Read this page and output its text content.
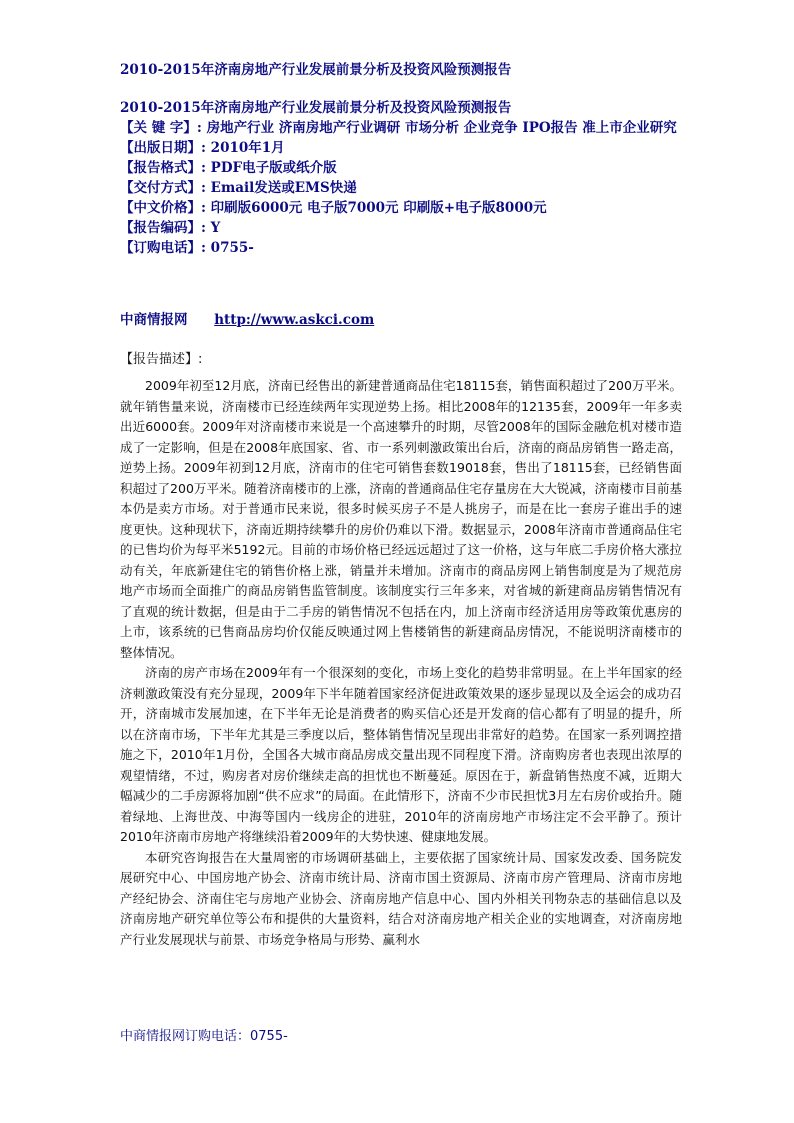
2010-2015年济南房地产行业发展前景分析及投资风险预测报告
2010-2015年济南房地产行业发展前景分析及投资风险预测报告
【关 键 字】: 房地产行业 济南房地产行业调研 市场分析 企业竞争 IPO报告 准上市企业研究
【出版日期】: 2010年1月
【报告格式】: PDF电子版或纸介版
【交付方式】: Email发送或EMS快递
【中文价格】: 印刷版6000元 电子版7000元 印刷版+电子版8000元
【报告编码】: Y
【订购电话】: 0755-
中商情报网 http://www.askci.com
【报告描述】:

2009年初至12月底，济南已经售出的新建普通商品住宅18115套，销售面积超过了200万平米。就年销售量来说，济南楼市已经连续两年实现逆势上扬。相比2008年的12135套，2009年一年多卖出近6000套。2009年对济南楼市来说是一个高速攀升的时期，尽管2008年的国际金融危机对楼市造成了一定影响，但是在2008年底国家、省、市一系列刺激政策出台后，济南的商品房销售一路走高，逆势上扬。2009年初到12月底，济南市的住宅可销售套数19018套，售出了18115套，已经销售面积超过了200万平米。随着济南楼市的上涨，济南的普通商品住宅存量房在大大锐减，济南楼市目前基本仍是卖方市场。对于普通市民来说，很多时候买房子不是人挑房子，而是在比一套房子谁出手的速度更快。这种现状下，济南近期持续攀升的房价仍难以下滑。数据显示，2008年济南市普通商品住宅的已售均价为每平米5192元。目前的市场价格已经远远超过了这一价格，这与年底二手房价格大涨拉动有关，年底新建住宅的销售价格上涨，销量并未增加。济南市的商品房网上销售制度是为了规范房地产市场而全面推广的商品房销售监管制度。该制度实行三年多来，对省城的新建商品房销售情况有了直观的统计数据，但是由于二手房的销售情况不包括在内，加上济南市经济适用房等政策优惠房的上市，该系统的已售商品房均价仅能反映通过网上售楼销售的新建商品房情况，不能说明济南楼市的整体情况。

济南的房产市场在2009年有一个很深刻的变化，市场上变化的趋势非常明显。在上半年国家的经济刺激政策没有充分显现，2009年下半年随着国家经济促进政策效果的逐步显现以及全运会的成功召开，济南城市发展加速，在下半年无论是消费者的购买信心还是开发商的信心都有了明显的提升，所以在济南市场，下半年尤其是三季度以后，整体销售情况呈现出非常好的趋势。在国家一系列调控措施之下，2010年1月份，全国各大城市商品房成交量出现不同程度下滑。济南购房者也表现出浓厚的观望情绪，不过，购房者对房价继续走高的担忧也不断蔓延。原因在于，新盘销售热度不减，近期大幅减少的二手房源将加剧“供不应求”的局面。在此情形下，济南不少市民担忧3月左右房价或抬升。随着绿地、上海世茂、中海等国内一线房企的进驻，2010年的济南房地产市场注定不会平静了。预计2010年济南市房地产将继续沿着2009年的大势快速、健康地发展。

本研究咨询报告在大量周密的市场调研基础上，主要依据了国家统计局、国家发改委、国务院发展研究中心、中国房地产协会、济南市统计局、济南市国土资源局、济南市房产管理局、济南市房地产经纪协会、济南住宅与房地产业协会、济南房地产信息中心、国内外相关刊物杂志的基础信息以及济南房地产研究单位等公布和提供的大量资料，结合对济南房地产相关企业的实地调查，对济南房地产行业发展现状与前景、市场竞争格局与形势、赢利水

中商情报网订购电话：0755-
